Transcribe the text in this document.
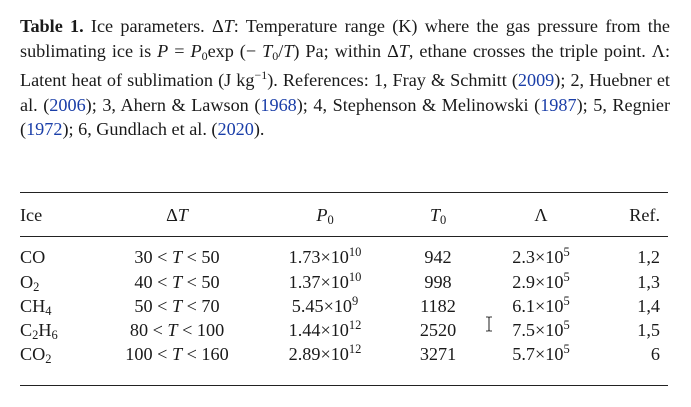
Table 1. Ice parameters. ΔT: Temperature range (K) where the gas pressure from the sublimating ice is $P = P_0\exp$ (− $T_0/T$) Pa; within ΔT, ethane crosses the triple point. Λ: Latent heat of sublimation (J $kg^{-1}$). References: 1, Fray & Schmitt (2009); 2, Huebner et al. (2006); 3, Ahern & Lawson (1968); 4, Stephenson & Melinowski (1987); 5, Regnier (1972); 6, Gundlach et al. (2020).

Ice	ΔT	$P_0$	$T_0$	Λ	Ref.
CO	30 < T < 50	$1.73\times 10^{10}$	942	$2.3\times 10^5$	1,2
$O_2$	40 < T < 50	$1.37\times 10^{10}$	998	$2.9\times 10^5$	1,3
$CH_4$	50 < T < 70	$5.45\times 10^9$	1182	$6.1\times 10^5$	1,4
$C_2H_6$	80 < T < 100	$1.44\times 10^{12}$	2520	$7.5\times 10^5$	1,5
$CO_2$	100 < T < 160	$2.89\times 10^{12}$	3271	$5.7\times 10^5$	6
